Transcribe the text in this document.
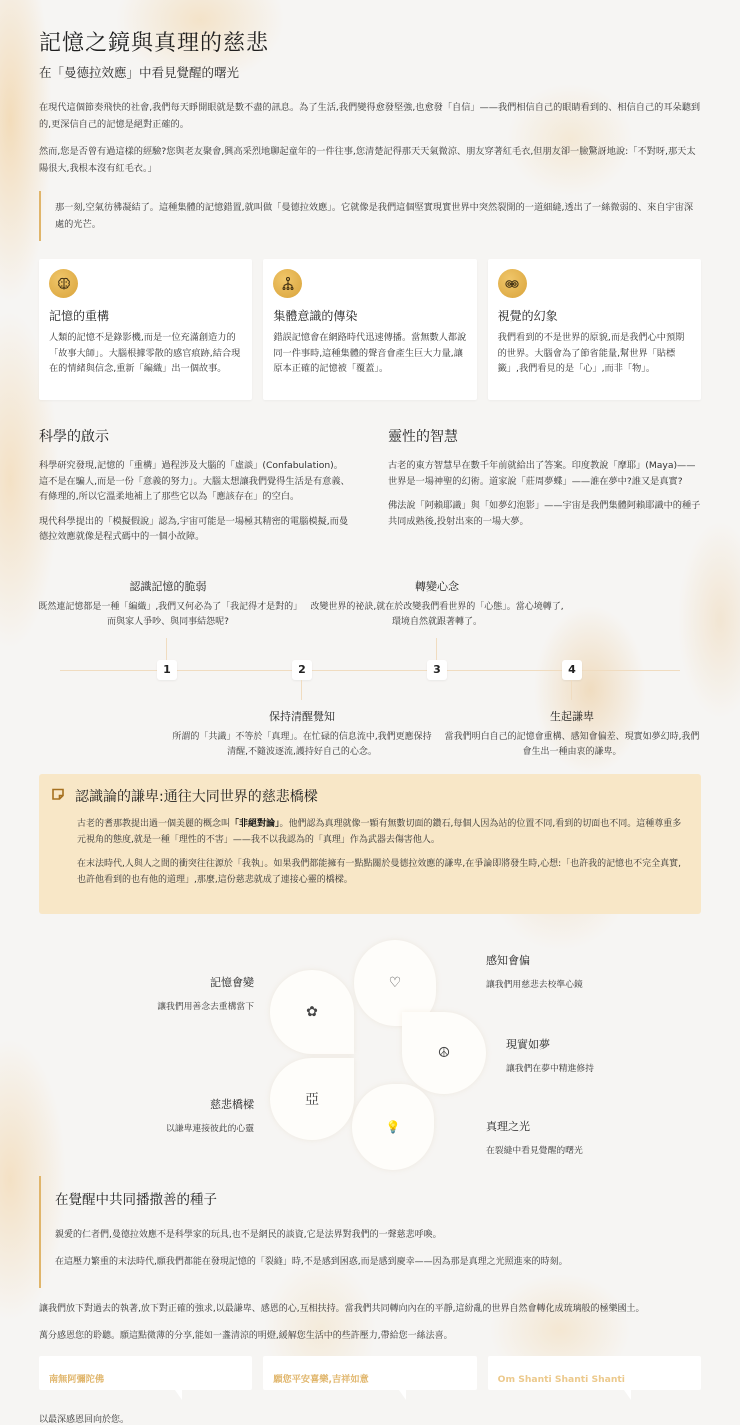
記憶之鏡與真理的慈悲
在「曼德拉效應」中看見覺醒的曙光

在現代這個節奏飛快的社會,我們每天睜開眼就是數不盡的訊息。為了生活,我們變得愈發堅強,也愈發「自信」——我們相信自己的眼睛看到的、相信自己的耳朵聽到的,更深信自己的記憶是絕對正確的。

然而,您是否曾有過這樣的經驗?您與老友聚會,興高采烈地聊起童年的一件往事,您清楚記得那天天氣微涼、朋友穿著紅毛衣,但朋友卻一臉驚訝地說:「不對呀,那天太陽很大,我根本沒有紅毛衣。」

那一刻,空氣彷彿凝結了。這種集體的記憶錯置,就叫做「曼德拉效應」。它就像是我們這個堅實現實世界中突然裂開的一道細縫,透出了一絲微弱的、來自宇宙深處的光芒。
記憶的重構

人類的記憶不是錄影機,而是一位充滿創造力的「故事大師」。大腦根據零散的感官痕跡,結合現在的情緒與信念,重新「編織」出一個故事。

集體意識的傳染

錯誤記憶會在網路時代迅速傳播。當無數人都說同一件事時,這種集體的聲音會產生巨大力量,讓原本正確的記憶被「覆蓋」。

視覺的幻象

我們看到的不是世界的原貌,而是我們心中預期的世界。大腦會為了節省能量,幫世界「貼標籤」,我們看見的是「心」,而非「物」。

科學的啟示

科學研究發現,記憶的「重構」過程涉及大腦的「虛談」(Confabulation)。這不是在騙人,而是一份「意義的努力」。大腦太想讓我們覺得生活是有意義、有條理的,所以它溫柔地補上了那些它以為「應該存在」的空白。

現代科學提出的「模擬假說」認為,宇宙可能是一場極其精密的電腦模擬,而曼德拉效應就像是程式碼中的一個小故障。

靈性的智慧

古老的東方智慧早在數千年前就給出了答案。印度教說「摩耶」(Maya)——世界是一場神聖的幻術。道家說「莊周夢蝶」——誰在夢中?誰又是真實?

佛法說「阿賴耶識」與「如夢幻泡影」——宇宙是我們集體阿賴耶識中的種子共同成熟後,投射出來的一場大夢。

認識記憶的脆弱

既然連記憶都是一種「編織」,我們又何必為了「我記得才是對的」而與家人爭吵、與同事結怨呢?

1	2
保持清醒覺知

所謂的「共識」不等於「真理」。在忙碌的信息流中,我們更應保持清醒,不隨波逐流,護持好自己的心念。

轉變心念

改變世界的祕訣,就在於改變我們看世界的「心態」。當心境轉了,環境自然就跟著轉了。

3	4
生起謙卑

當我們明白自己的記憶會重構、感知會偏差、現實如夢幻時,我們會生出一種由衷的謙卑。

認識論的謙卑:通往大同世界的慈悲橋樑

古老的耆那教提出過一個美麗的概念叫「非絕對論」。他們認為真理就像一顆有無數切面的鑽石,每個人因為站的位置不同,看到的切面也不同。這種尊重多元視角的態度,就是一種「理性的不害」——我不以我認為的「真理」作為武器去傷害他人。

在末法時代,人與人之間的衝突往往源於「我執」。如果我們都能擁有一點點關於曼德拉效應的謙卑,在爭論即將發生時,心想:「也許我的記憶也不完全真實,也許他看到的也有他的道理」,那麼,這份慈悲就成了連接心靈的橋樑。

✿
♡
☮
💡
亞
記憶會變

讓我們用善念去重構當下

感知會偏

讓我們用慈悲去校準心鏡

現實如夢

讓我們在夢中精進修持

真理之光

在裂縫中看見覺醒的曙光

慈悲橋樑

以謙卑連接彼此的心靈

在覺醒中共同播撒善的種子

親愛的仁者們,曼德拉效應不是科學家的玩具,也不是網民的談資,它是法界對我們的一聲慈悲呼喚。

在這壓力繁重的末法時代,願我們都能在發現記憶的「裂縫」時,不是感到困惑,而是感到慶幸——因為那是真理之光照進來的時刻。

讓我們放下對過去的執著,放下對正確的強求,以最謙卑、感恩的心,互相扶持。當我們共同轉向內在的平靜,這紛亂的世界自然會轉化成琉璃般的極樂國土。

萬分感恩您的聆聽。願這點微薄的分享,能如一盞清涼的明燈,緩解您生活中的些許壓力,帶給您一絲法喜。

南無阿彌陀佛	願您平安喜樂,吉祥如意	Om Shanti Shanti Shanti
以最深感恩回向於您。
